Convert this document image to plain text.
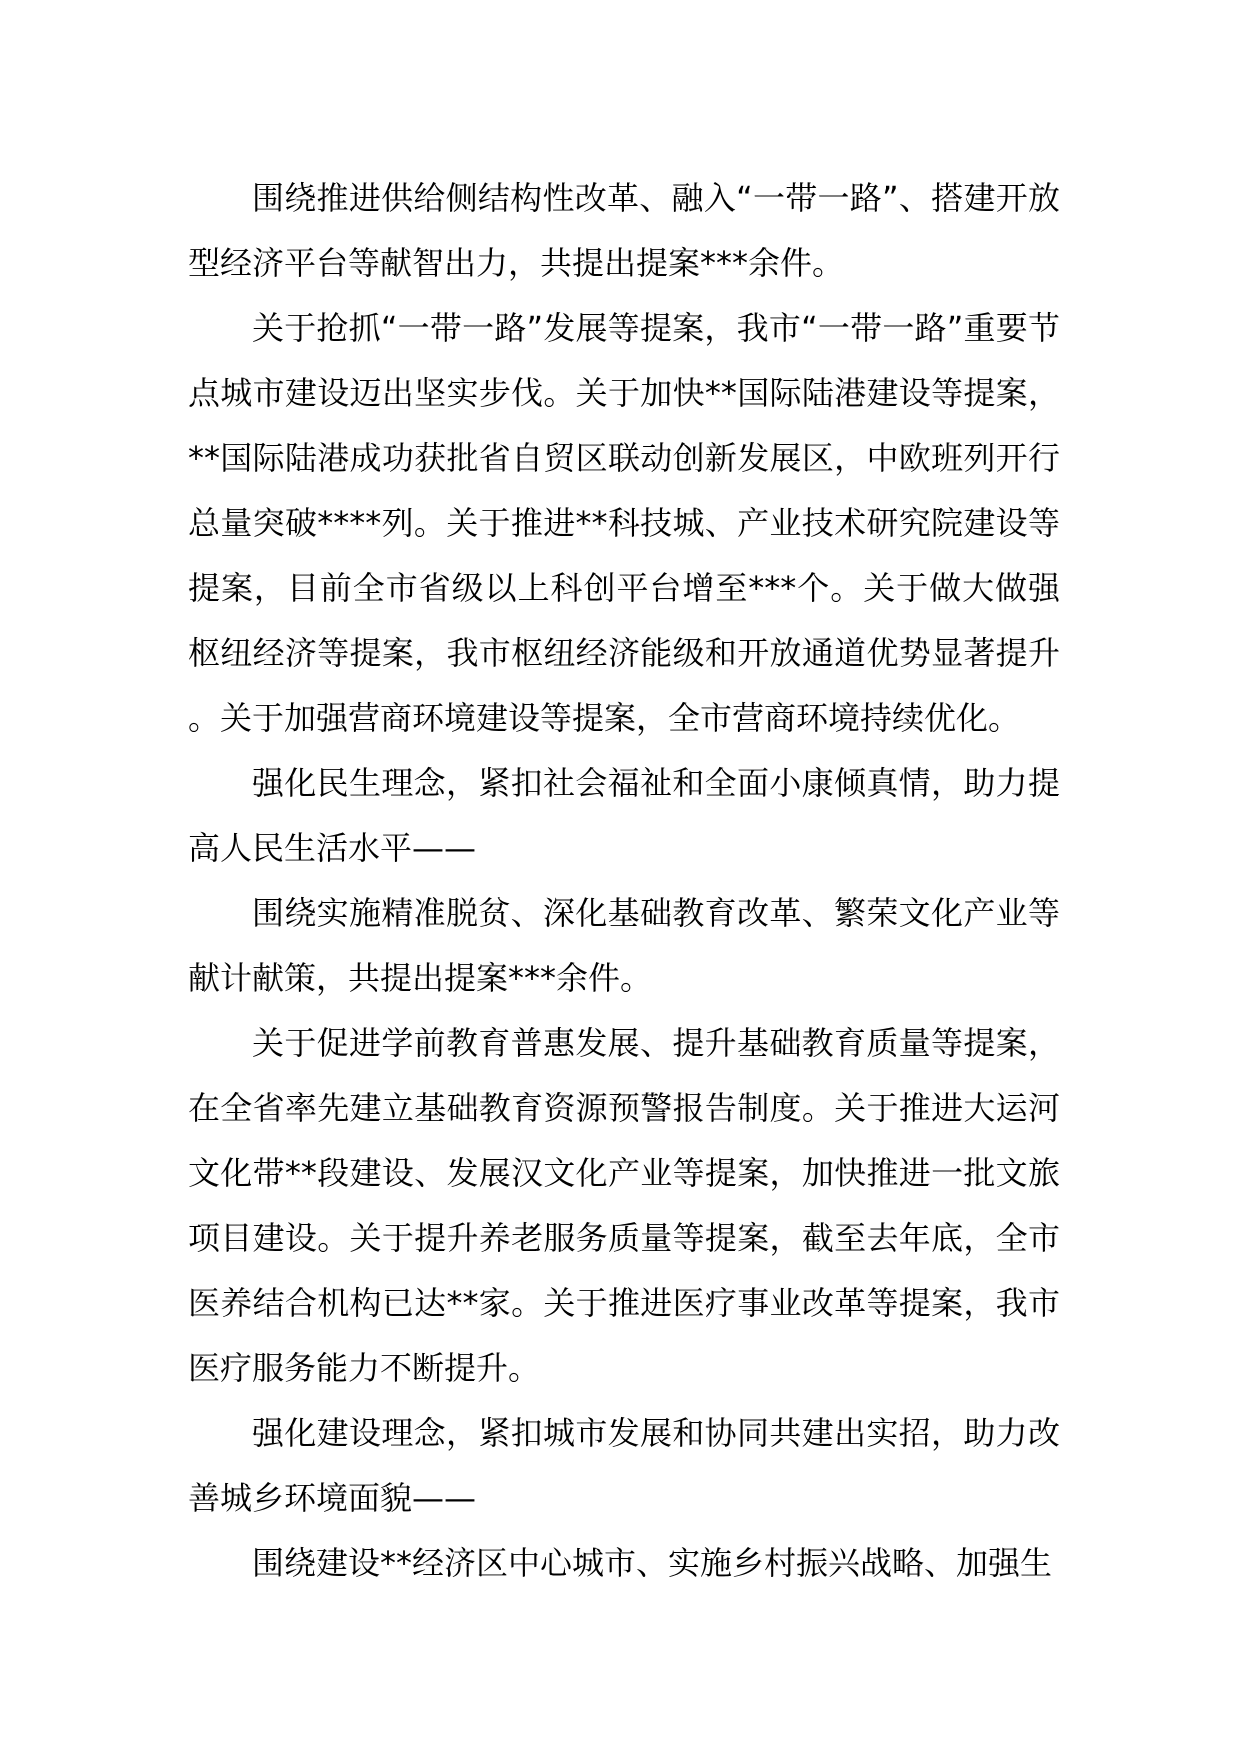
围绕推进供给侧结构性改革、融入“一带一路”、搭建开放型经济平台等献智出力，共提出提案***余件。

关于抢抓“一带一路”发展等提案，我市“一带一路”重要节点城市建设迈出坚实步伐。关于加快**国际陆港建设等提案，**国际陆港成功获批省自贸区联动创新发展区，中欧班列开行总量突破****列。关于推进**科技城、产业技术研究院建设等提案，目前全市省级以上科创平台增至***个。关于做大做强枢纽经济等提案，我市枢纽经济能级和开放通道优势显著提升。关于加强营商环境建设等提案，全市营商环境持续优化。

强化民生理念，紧扣社会福祉和全面小康倾真情，助力提高人民生活水平——

围绕实施精准脱贫、深化基础教育改革、繁荣文化产业等献计献策，共提出提案***余件。

关于促进学前教育普惠发展、提升基础教育质量等提案，在全省率先建立基础教育资源预警报告制度。关于推进大运河文化带**段建设、发展汉文化产业等提案，加快推进一批文旅项目建设。关于提升养老服务质量等提案，截至去年底，全市医养结合机构已达**家。关于推进医疗事业改革等提案，我市医疗服务能力不断提升。

强化建设理念，紧扣城市发展和协同共建出实招，助力改善城乡环境面貌——

围绕建设**经济区中心城市、实施乡村振兴战略、加强生
